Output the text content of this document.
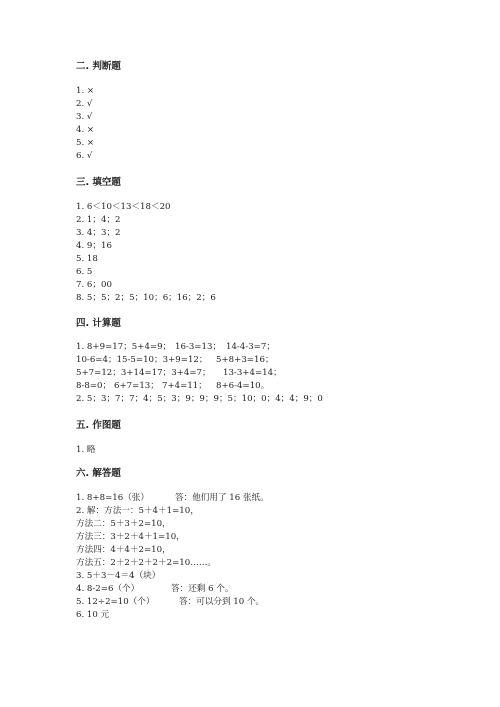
二. 判断题
1. ×
2. √
3. √
4. ×
5. ×
6. √
三. 填空题
1. 6＜10＜13＜18＜20
2. 1；4；2
3. 4；3；2
4. 9；16
5. 18
6. 5
7. 6；00
8. 5；5；2；5；10；6；16；2；6
四. 计算题
1. 8+9=17；5+4=9； 16-3=13； 14-4-3=7；
10-6=4；15-5=10；3+9=12； 5+8+3=16；
5+7=12；3+14=17；3+4=7； 13-3+4=14；
8-8=0； 6+7=13； 7+4=11； 8+6-4=10。
2. 5；3；7；7；4；5；3；9；9；9；5；10；0；4；4；9；0
五. 作图题
1. 略
六. 解答题
1. 8+8=16（张）	答：他们用了 16 张纸。
2. 解：方法一：5＋4＋1=10，
方法二：5＋3＋2=10，
方法三：3＋2＋4＋1=10，
方法四：4＋4＋2=10，
方法五：2＋2＋2＋2＋2=10……。
3. 5＋3－4＝4（块）
4. 8-2=6（个）	答：还剩 6 个。
5. 12÷2=10（个）	答：可以分到 10 个。
6. 10 元
